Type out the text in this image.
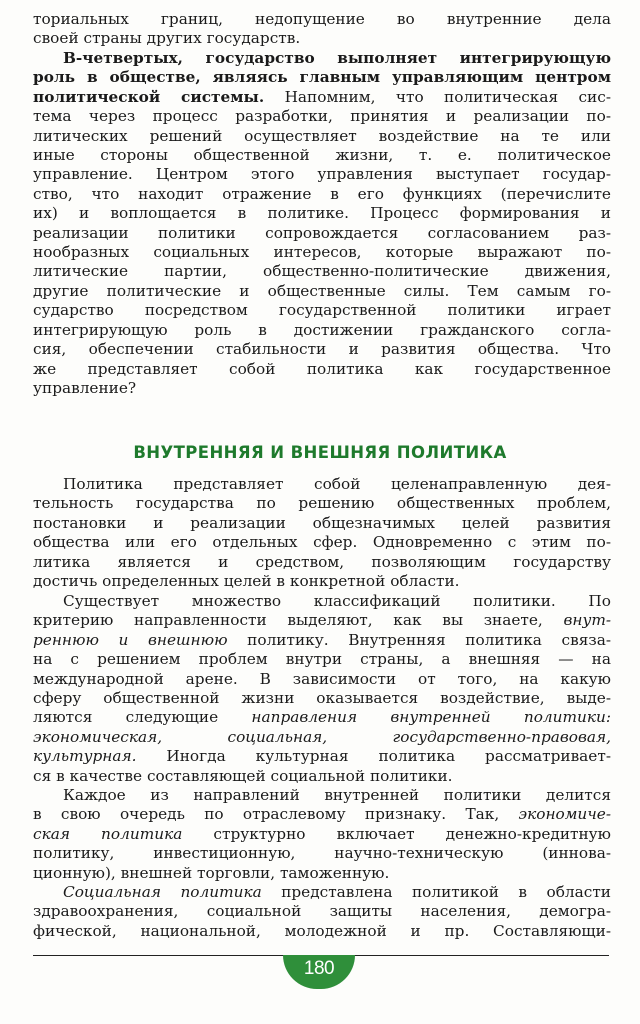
ториальных границ, недопущение во внутренние дела
своей страны других государств.
В-четвертых, государство выполняет интегрирующую
роль в обществе, являясь главным управляющим центром
политической системы. Напомним, что политическая сис-
тема через процесс разработки, принятия и реализации по-
литических решений осуществляет воздействие на те или
иные стороны общественной жизни, т. е. политическое
управление. Центром этого управления выступает государ-
ство, что находит отражение в его функциях (перечислите
их) и воплощается в политике. Процесс формирования и
реализации политики сопровождается согласованием раз-
нообразных социальных интересов, которые выражают по-
литические партии, общественно-политические движения,
другие политические и общественные силы. Тем самым го-
сударство посредством государственной политики играет
интегрирующую роль в достижении гражданского согла-
сия, обеспечении стабильности и развития общества. Что
же представляет собой политика как государственное
управление?
ВНУТРЕННЯЯ И ВНЕШНЯЯ ПОЛИТИКА
Политика представляет собой целенаправленную дея-
тельность государства по решению общественных проблем,
постановки и реализации общезначимых целей развития
общества или его отдельных сфер. Одновременно с этим по-
литика является и средством, позволяющим государству
достичь определенных целей в конкретной области.
Существует множество классификаций политики. По
критерию направленности выделяют, как вы знаете, внут-
реннюю и внешнюю политику. Внутренняя политика связа-
на с решением проблем внутри страны, а внешняя — на
международной арене. В зависимости от того, на какую
сферу общественной жизни оказывается воздействие, выде-
ляются следующие направления внутренней политики:
экономическая, социальная, государственно-правовая,
культурная. Иногда культурная политика рассматривает-
ся в качестве составляющей социальной политики.
Каждое из направлений внутренней политики делится
в свою очередь по отраслевому признаку. Так, экономиче-
ская политика структурно включает денежно-кредитную
политику, инвестиционную, научно-техническую (иннова-
ционную), внешней торговли, таможенную.
Социальная политика представлена политикой в области
здравоохранения, социальной защиты населения, демогра-
фической, национальной, молодежной и пр. Составляющи-
180
